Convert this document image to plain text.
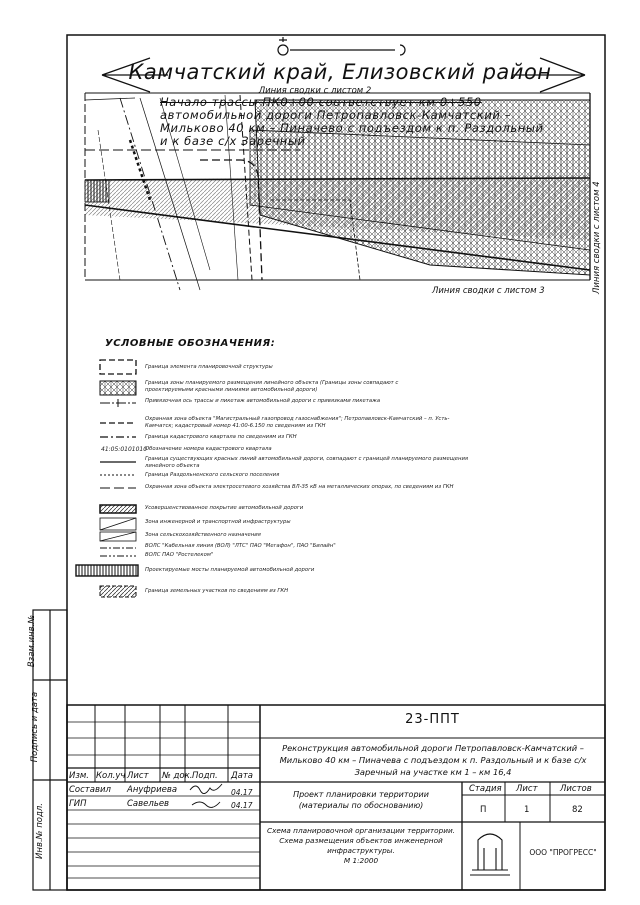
Камчатский край, Елизовский район
Линия сводки с листом 2
Линия сводки с листом 4
Линия сводки с листом 3
Начало трассы ПК0+00 соответствует км 0+550
автомобильной дороги Петропавловск-Камчатский –
Мильково 40 км – Пиначево с подъездом к п. Раздольный
и к базе с/х Заречный
УСЛОВНЫЕ ОБОЗНАЧЕНИЯ:
Граница элемента планировочной структуры
Граница зоны планируемого размещения линейного объекта (Границы зоны совпадают с проектируемыми красными линиями автомобильной дороги)
Привязочная ось трассы и пикетаж автомобильной дороги с привязками пикетажа
Охранная зона объекта "Магистральный газопровод газоснабжения"; Петропавловск-Камчатский – п. Усть-Камчатск; кадастровый номер 41:00-6.150 по сведениям из ГКН
Граница кадастрового квартала по сведениям из ГКН
41:05:0101010
Обозначение номера кадастрового квартала
Граница существующих красных линий автомобильной дороги, совпадают с границей планируемого размещения линейного объекта
Граница Раздольненского сельского поселения
Охранная зона объекта электросетевого хозяйства ВЛ-35 кВ на металлических опорах, по сведениям из ГКН
Усовершенствованное покрытие автомобильной дороги
Зона инженерной и транспортной инфраструктуры
Зона сельскохозяйственного назначения
ВОЛС "Кабельная линия (ВОЛ) "ЛТС" ПАО "Мегафон", ПАО "Билайн"
ВОЛС ПАО "Ростелеком"
Проектируемые мосты планируемой автомобильной дороги
Граница земельных участков по сведениям из ГКН
Взам.инв.№
Подпись и дата
Инв.№ подл.
23-ППТ
Реконструкция автомобильной дороги Петропавловск-Камчатский –
Мильково 40 км – Пиначева с подъездом к п. Раздольный и к базе с/х
Заречный на участке км 1 – км 16,4
Изм. Кол.уч Лист № док. Подп. Дата
Составил Ануфриева	04.17
ГИП	Савельев	04.17
Проект планировки территории
(материалы по обоснованию)
Стадия Лист	Листов
П	1	82
Схема планировочной организации территории.
Схема размещения объектов инженерной
инфраструктуры.
М 1:2000
ООО "ПРОГРЕСС"
